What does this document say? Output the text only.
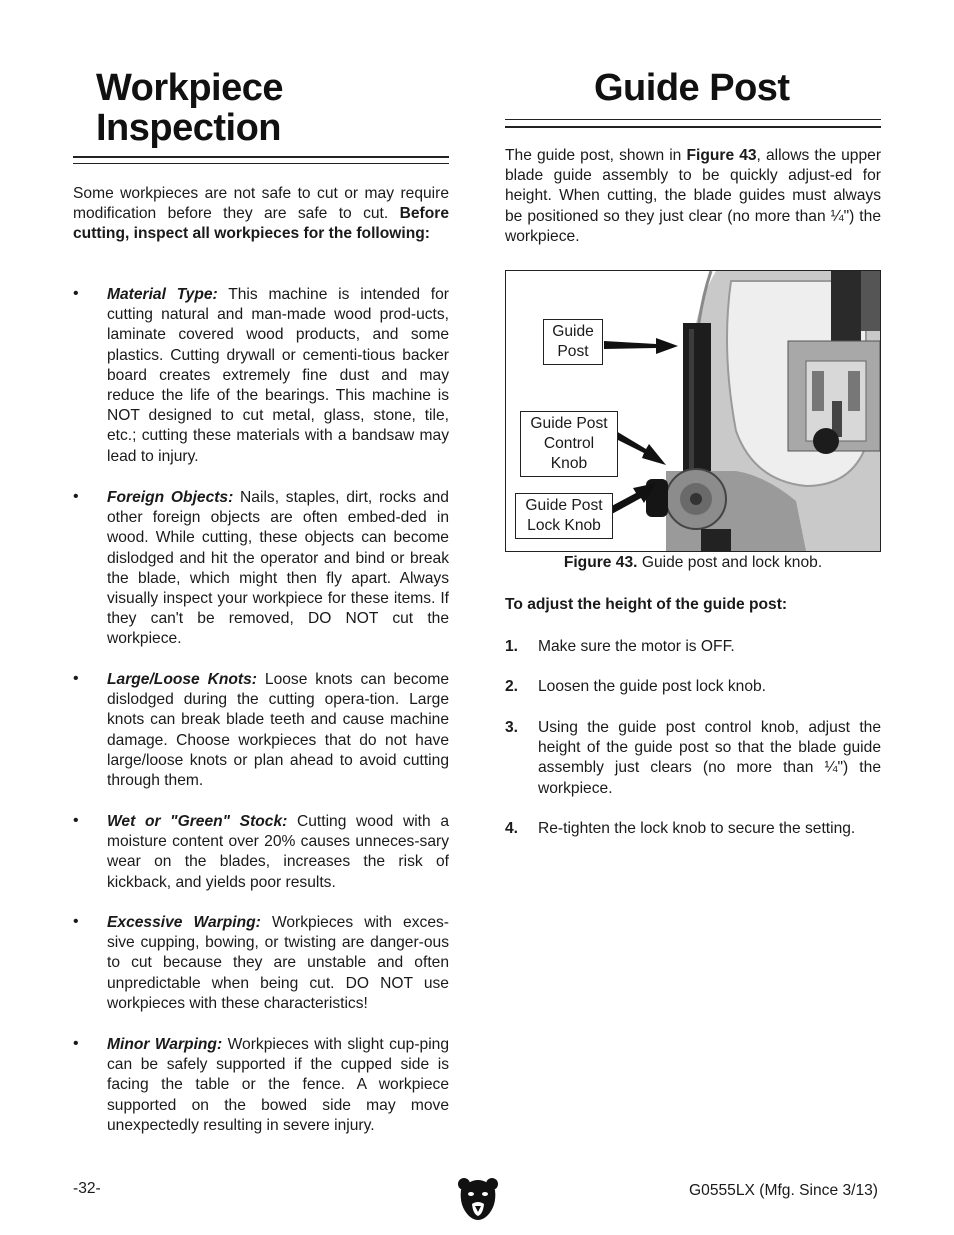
Workpiece
Inspection
Some workpieces are not safe to cut or may require modification before they are safe to cut. Before cutting, inspect all workpieces for the following:
• Material Type: This machine is intended for cutting natural and man-made wood prod-ucts, laminate covered wood products, and some plastics. Cutting drywall or cementi-tious backer board creates extremely fine dust and may reduce the life of the bearings. This machine is NOT designed to cut metal, glass, stone, tile, etc.; cutting these materials with a bandsaw may lead to injury.
• Foreign Objects: Nails, staples, dirt, rocks and other foreign objects are often embed-ded in wood. While cutting, these objects can become dislodged and hit the operator and bind or break the blade, which might then fly apart. Always visually inspect your workpiece for these items. If they can't be removed, DO NOT cut the workpiece.
• Large/Loose Knots: Loose knots can become dislodged during the cutting opera-tion. Large knots can break blade teeth and cause machine damage. Choose workpieces that do not have large/loose knots or plan ahead to avoid cutting through them.
• Wet or "Green" Stock: Cutting wood with a moisture content over 20% causes unneces-sary wear on the blades, increases the risk of kickback, and yields poor results.
• Excessive Warping: Workpieces with exces-sive cupping, bowing, or twisting are danger-ous to cut because they are unstable and often unpredictable when being cut. DO NOT use workpieces with these characteristics!
• Minor Warping: Workpieces with slight cup-ping can be safely supported if the cupped side is facing the table or the fence. A workpiece supported on the bowed side may move unexpectedly resulting in severe injury.
Guide Post
The guide post, shown in Figure 43, allows the upper blade guide assembly to be quickly adjust-ed for height. When cutting, the blade guides must always be positioned so they just clear (no more than ¼") the workpiece.
Guide
Post
Guide Post
Control
Knob
Guide Post
Lock Knob
Figure 43. Guide post and lock knob.
To adjust the height of the guide post:
1. Make sure the motor is OFF.
2. Loosen the guide post lock knob.
3. Using the guide post control knob, adjust the height of the guide post so that the blade guide assembly just clears (no more than ¼") the workpiece.
4. Re-tighten the lock knob to secure the setting.
-32-	G0555LX (Mfg. Since 3/13)
